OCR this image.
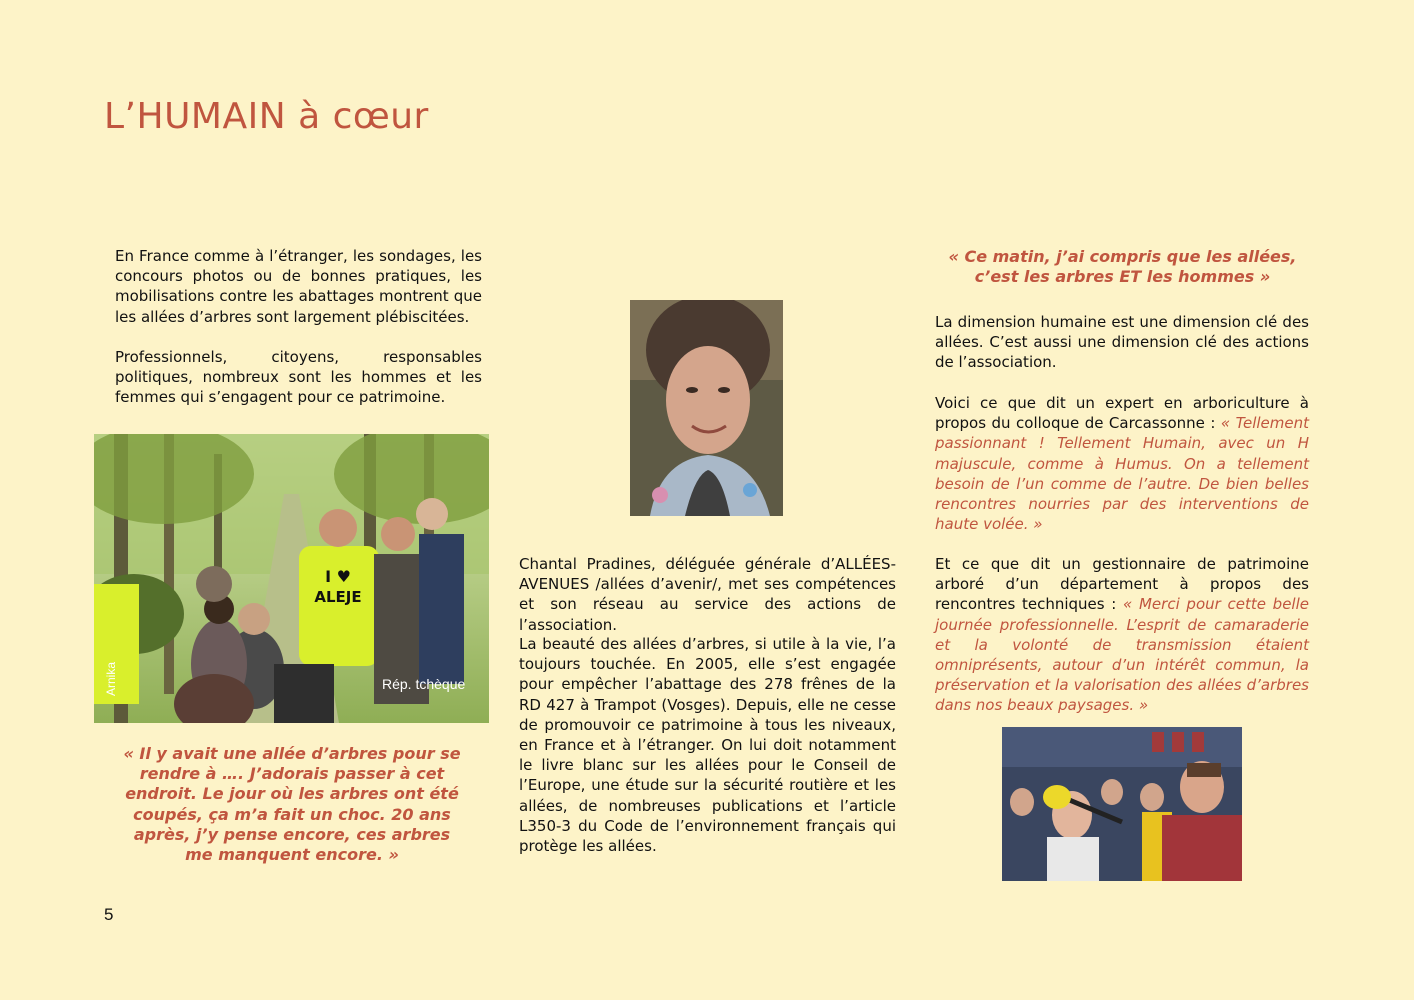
L’HUMAIN à cœur

En France comme à l’étranger, les sondages, les concours photos ou de bonnes pratiques, les mobilisations contre les abattages montrent que les allées d’arbres sont largement plébiscitées.

Professionnels, citoyens, responsables politiques, nombreux sont les hommes et les femmes qui s’engagent pour ce patrimoine.

I ♥
ALEJE
Rép. tchèque
Arnika

« Il y avait une allée d’arbres pour se rendre à …. J’adorais passer à cet endroit. Le jour où les arbres ont été coupés, ça m’a fait un choc. 20 ans après, j’y pense encore, ces arbres me manquent encore. »

Chantal Pradines, déléguée générale d’ALLÉES-AVENUES /allées d’avenir/, met ses compétences et son réseau au service des actions de l’association.

La beauté des allées d’arbres, si utile à la vie, l’a toujours touchée. En 2005, elle s’est engagée pour empêcher l’abattage des 278 frênes de la RD 427 à Trampot (Vosges). Depuis, elle ne cesse de promouvoir ce patrimoine à tous les niveaux, en France et à l’étranger. On lui doit notamment le livre blanc sur les allées pour le Conseil de l’Europe, une étude sur la sécurité routière et les allées, de nombreuses publications et l’article L350-3 du Code de l’environnement français qui protège les allées.

« Ce matin, j’ai compris que les allées, c’est les arbres ET les hommes »

La dimension humaine est une dimension clé des allées. C’est aussi une dimension clé des actions de l’association.

Voici ce que dit un expert en arboriculture à propos du colloque de Carcassonne : « Tellement passionnant ! Tellement Humain, avec un H majuscule, comme à Humus. On a tellement besoin de l’un comme de l’autre. De bien belles rencontres nourries par des interventions de haute volée. »

Et ce que dit un gestionnaire de patrimoine arboré d’un département à propos des rencontres techniques : « Merci pour cette belle journée professionnelle. L’esprit de camaraderie et la volonté de transmission étaient omniprésents, autour d’un intérêt commun, la préservation et la valorisation des allées d’arbres dans nos beaux paysages. »

5
